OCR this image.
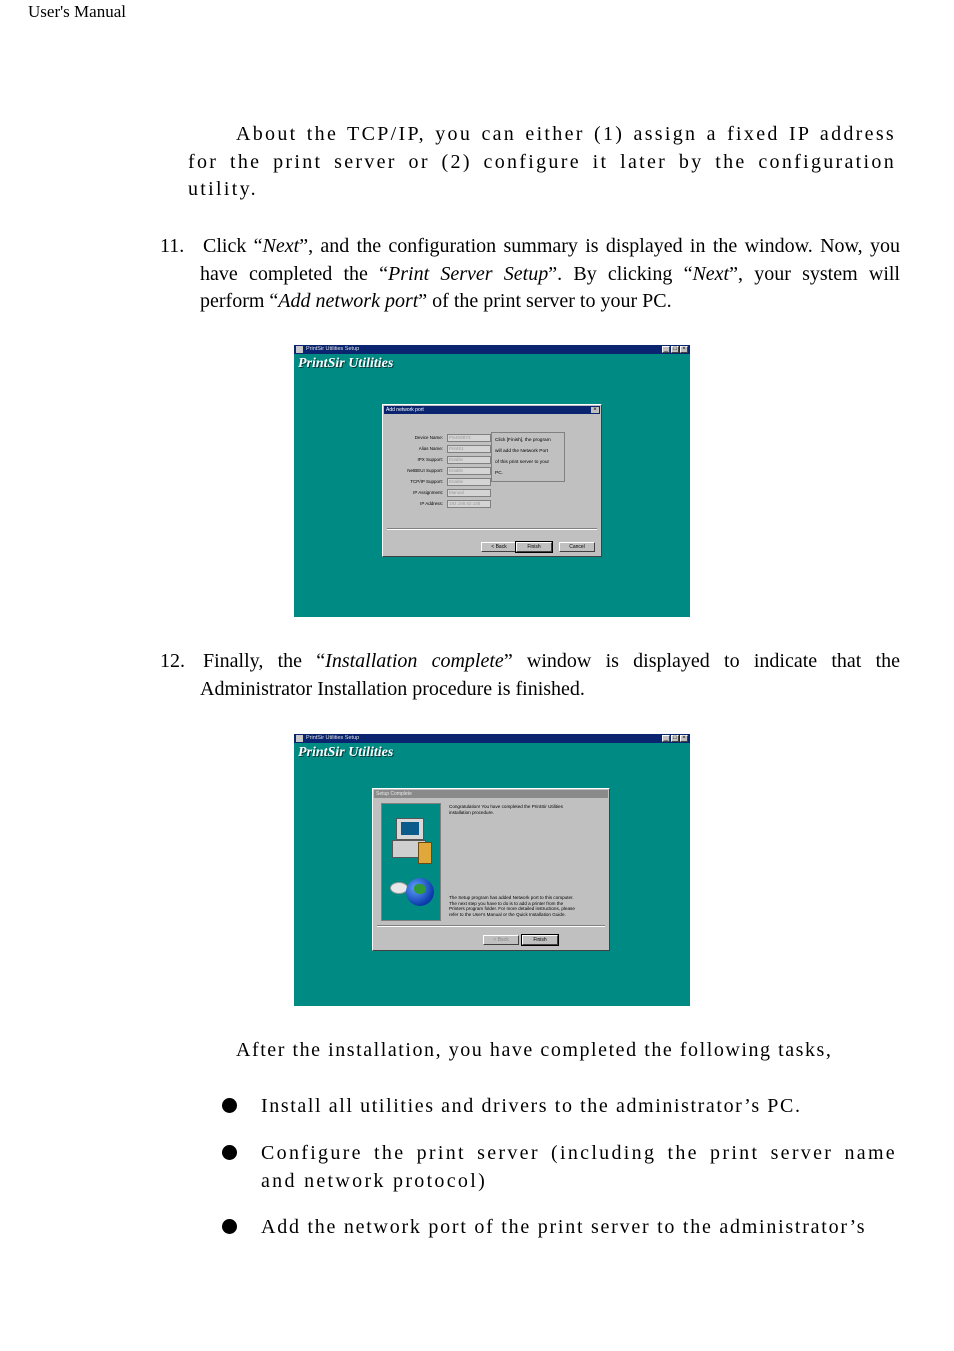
User's Manual

About the TCP/IP, you can either (1) assign a fixed IP address for the print server or (2) configure it later by the configuration utility.

11. Click “Next”, and the configuration summary is displayed in the window. Now, you have completed the “Print Server Setup”. By clicking “Next”, your system will perform “Add network port” of the print server to your PC.
PrintSir Utilities Setup	_ □ ×
PrintSir Utilities
Add network port	×
Device Name:	PS450B73
Alias Name:	PrintX1
IPX Support:	Enable
NetBEUI Support:	Enable
TCP/IP Support:	Enable
IP Assignment:	Manual
IP Address:	192.168.62.148
Click [Finish], the program
will add the Network Port
of this print server to your
PC.
< Back	Finish	Cancel
12. Finally, the “Installation complete” window is displayed to indicate that the Administrator Installation procedure is finished.
PrintSir Utilities Setup	_ □ ×
PrintSir Utilities
Setup Complete
Congratulation! You have completed the PrintSir Utilities
installation procedure.
The Setup program has added Network port to this computer.
The next step you have to do is to add a printer from the
Printers program folder. For more detailed instructions, please
refer to the User's Manual or the Quick Installation Guide.
< Back	Finish
After the installation, you have completed the following tasks,
Install all utilities and drivers to the administrator’s PC.
Configure the print server (including the print server name and network protocol)
Add the network port of the print server to the administrator’s
